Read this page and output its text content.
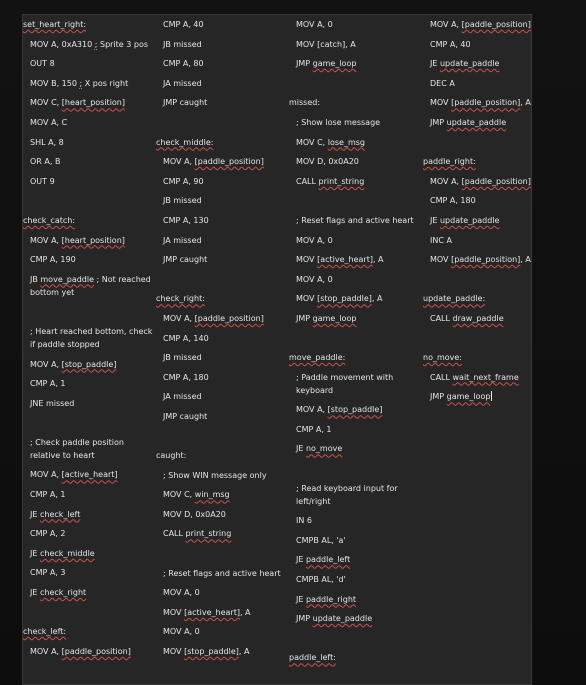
set_heart_right:
MOV A, 0xA310 ; Sprite 3 pos
OUT 8
MOV B, 150 ; X pos right
MOV C, [heart_position]
MOV A, C
SHL A, 8
OR A, B
OUT 9
check_catch:
MOV A, [heart_position]
CMP A, 190
JB move_paddle ; Not reached bottom yet
; Heart reached bottom, check if paddle stopped
MOV A, [stop_paddle]
CMP A, 1
JNE missed
; Check paddle position relative to heart
MOV A, [active_heart]
CMP A, 1
JE check_left
CMP A, 2
JE check_middle
CMP A, 3
JE check_right
check_left:
MOV A, [paddle_position]
CMP A, 40
JB missed
CMP A, 80
JA missed
JMP caught
check_middle:
MOV A, [paddle_position]
CMP A, 90
JB missed
CMP A, 130
JA missed
JMP caught
check_right:
MOV A, [paddle_position]
CMP A, 140
JB missed
CMP A, 180
JA missed
JMP caught
caught:
; Show WIN message only
MOV C, win_msg
MOV D, 0x0A20
CALL print_string
; Reset flags and active heart
MOV A, 0
MOV [active_heart], A
MOV A, 0
MOV [stop_paddle], A
MOV A, 0
MOV [catch], A
JMP game_loop
missed:
; Show lose message
MOV C, lose_msg
MOV D, 0x0A20
CALL print_string
; Reset flags and active heart
MOV A, 0
MOV [active_heart], A
MOV A, 0
MOV [stop_paddle], A
JMP game_loop
move_paddle:
; Paddle movement with keyboard
MOV A, [stop_paddle]
CMP A, 1
JE no_move
; Read keyboard input for left/right
IN 6
CMPB AL, 'a'
JE paddle_left
CMPB AL, 'd'
JE paddle_right
JMP update_paddle
paddle_left:
MOV A, [paddle_position]
CMP A, 40
JE update_paddle
DEC A
MOV [paddle_position], A
JMP update_paddle
paddle_right:
MOV A, [paddle_position]
CMP A, 180
JE update_paddle
INC A
MOV [paddle_position], A
update_paddle:
CALL draw_paddle
no_move:
CALL wait_next_frame
JMP game_loop
